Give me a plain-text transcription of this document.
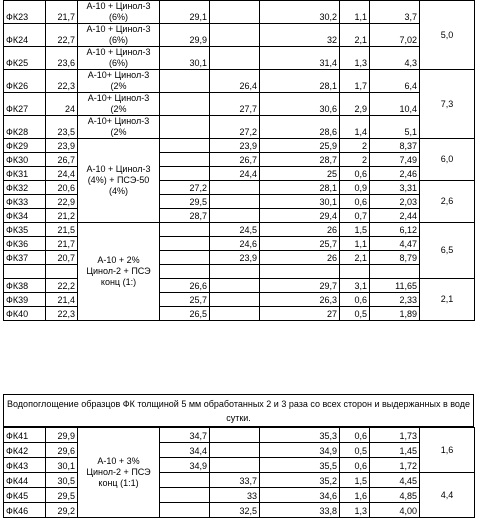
ФК23	21,7	А-10 + Цинол-3 (6%)	29,1		30,2	1,1	3,7	5,0
ФК24	22,7	А-10 + Цинол-3 (6%)	29,9		32	2,1	7,02	
ФК25	23,6	А-10 + Цинол-3 (6%)	30,1		31,4	1,3	4,3	
ФК26	22,3	А-10+ Цинол-3 (2%		26,4	28,1	1,7	6,4	7,3
ФК27	24	А-10+ Цинол-3 (2%		27,7	30,6	2,9	10,4	
ФК28	23,5	А-10+ Цинол-3 (2%		27,2	28,6	1,4	5,1	
ФК29	23,9	А-10 + Цинол-3 (4%) + ПСЭ-50 (4%)		23,9	25,9	2	8,37	6,0
ФК30	26,7			26,7	28,7	2	7,49	
ФК31	24,4			24,4	25	0,6	2,46	
ФК32	20,6		27,2		28,1	0,9	3,31	2,6
ФК33	22,9		29,5		30,1	0,6	2,03	
ФК34	21,2		28,7		29,4	0,7	2,44	
ФК35	21,5	А-10 + 2% Цинол-2 + ПСЭ конц (1:)		24,5	26	1,5	6,12	6,5
ФК36	21,7			24,6	25,7	1,1	4,47	
ФК37	20,7			23,9	26	2,1	8,79	

ФК38	22,2		26,6		29,7	3,1	11,65	2,1
ФК39	21,4		25,7		26,3	0,6	2,33	
ФК40	22,3		26,5		27	0,5	1,89	
Водопоглощение образцов ФК толщиной 5 мм обработанных 2 и 3 раза со всех сторон и выдержанных в воде сутки.
ФК41	29,9	А-10 + 3% Цинол-2 + ПСЭ конц (1:1)	34,7		35,3	0,6	1,73	1,6
ФК42	29,6		34,4		34,9	0,5	1,45	
ФК43	30,1		34,9		35,5	0,6	1,72	
ФК44	30,5			33,7	35,2	1,5	4,45	4,4
ФК45	29,5			33	34,6	1,6	4,85	
ФК46	29,2			32,5	33,8	1,3	4,00	
